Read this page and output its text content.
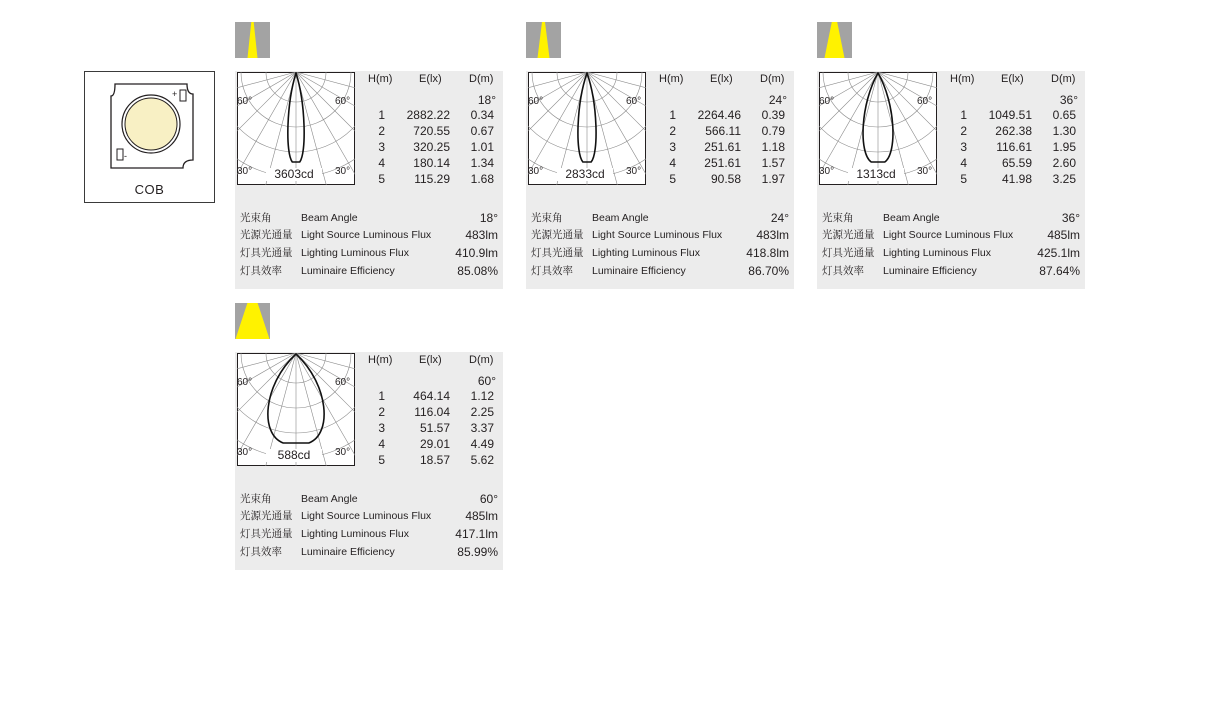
+
-
COB
60°	60°
30°	30°
3603cd
H(m) E(lx) D(m)
18°
1	2882.22	0.34
2	720.55	0.67
3	320.25	1.01
4	180.14	1.34
5	115.29	1.68
光束角	Beam Angle	18°
光源光通量 Light Source Luminous Flux	483lm
灯具光通量 Lighting Luminous Flux	410.9lm
灯具效率 Luminaire Efficiency	85.08%
60°	60°
30°	30°
2833cd
H(m) E(lx) D(m)
24°
1	2264.46	0.39
2	566.11	0.79
3	251.61	1.18
4	251.61	1.57
5	90.58	1.97
光束角	Beam Angle	24°
光源光通量 Light Source Luminous Flux	483lm
灯具光通量 Lighting Luminous Flux	418.8lm
灯具效率 Luminaire Efficiency	86.70%
60°	60°
30°	30°
1313cd
H(m) E(lx) D(m)
36°
1	1049.51	0.65
2	262.38	1.30
3	116.61	1.95
4	65.59	2.60
5	41.98	3.25
光束角	Beam Angle	36°
光源光通量 Light Source Luminous Flux	485lm
灯具光通量 Lighting Luminous Flux	425.1lm
灯具效率 Luminaire Efficiency	87.64%
60°	60°
30°	30°
588cd
H(m) E(lx) D(m)
60°
1	464.14	1.12
2	116.04	2.25
3	51.57	3.37
4	29.01	4.49
5	18.57	5.62
光束角	Beam Angle	60°
光源光通量 Light Source Luminous Flux	485lm
灯具光通量 Lighting Luminous Flux	417.1lm
灯具效率 Luminaire Efficiency	85.99%
